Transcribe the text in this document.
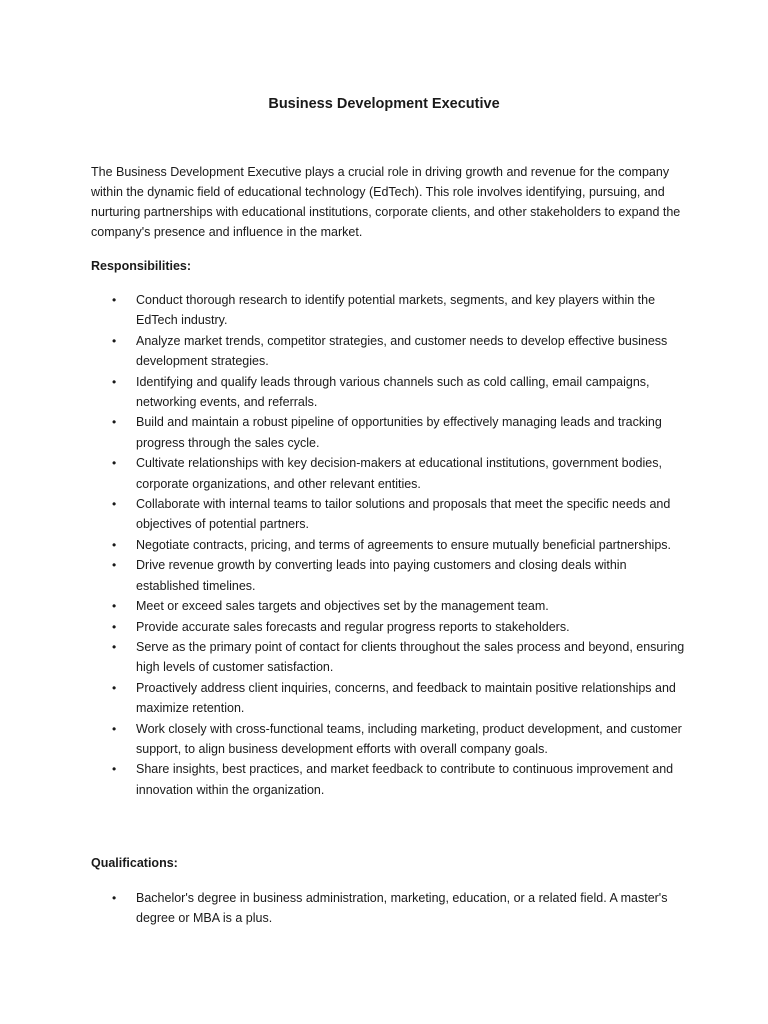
Business Development Executive

The Business Development Executive plays a crucial role in driving growth and revenue for the company within the dynamic field of educational technology (EdTech). This role involves identifying, pursuing, and nurturing partnerships with educational institutions, corporate clients, and other stakeholders to expand the company's presence and influence in the market.

Responsibilities:
• Conduct thorough research to identify potential markets, segments, and key players within the EdTech industry.
• Analyze market trends, competitor strategies, and customer needs to develop effective business development strategies.
• Identifying and qualify leads through various channels such as cold calling, email campaigns, networking events, and referrals.
• Build and maintain a robust pipeline of opportunities by effectively managing leads and tracking progress through the sales cycle.
• Cultivate relationships with key decision-makers at educational institutions, government bodies, corporate organizations, and other relevant entities.
• Collaborate with internal teams to tailor solutions and proposals that meet the specific needs and objectives of potential partners.
• Negotiate contracts, pricing, and terms of agreements to ensure mutually beneficial partnerships.
• Drive revenue growth by converting leads into paying customers and closing deals within established timelines.
• Meet or exceed sales targets and objectives set by the management team.
• Provide accurate sales forecasts and regular progress reports to stakeholders.
• Serve as the primary point of contact for clients throughout the sales process and beyond, ensuring high levels of customer satisfaction.
• Proactively address client inquiries, concerns, and feedback to maintain positive relationships and maximize retention.
• Work closely with cross-functional teams, including marketing, product development, and customer support, to align business development efforts with overall company goals.
• Share insights, best practices, and market feedback to contribute to continuous improvement and innovation within the organization.
Qualifications:
• Bachelor's degree in business administration, marketing, education, or a related field. A master's degree or MBA is a plus.
